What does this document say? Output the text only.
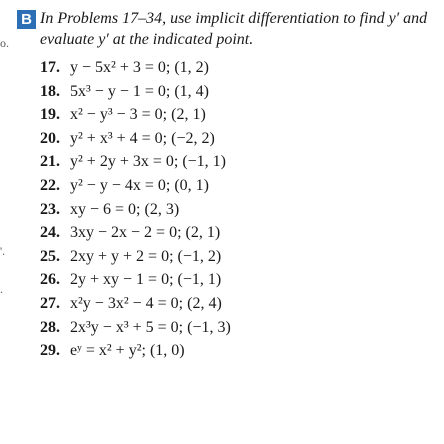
o.
'.
.
B In Problems 17–34, use implicit differentiation to find y′ and
evaluate y′ at the indicated point.
17. y − 5x² + 3 = 0; (1, 2)
18. 5x³ − y − 1 = 0; (1, 4)
19. x² − y³ − 3 = 0; (2, 1)
20. y² + x³ + 4 = 0; (−2, 2)
21. y² + 2y + 3x = 0; (−1, 1)
22. y² − y − 4x = 0; (0, 1)
23. xy − 6 = 0; (2, 3)
24. 3xy − 2x − 2 = 0; (2, 1)
25. 2xy + y + 2 = 0; (−1, 2)
26. 2y + xy − 1 = 0; (−1, 1)
27. x²y − 3x² − 4 = 0; (2, 4)
28. 2x³y − x³ + 5 = 0; (−1, 3)
29. eʸ = x² + y²; (1, 0)
